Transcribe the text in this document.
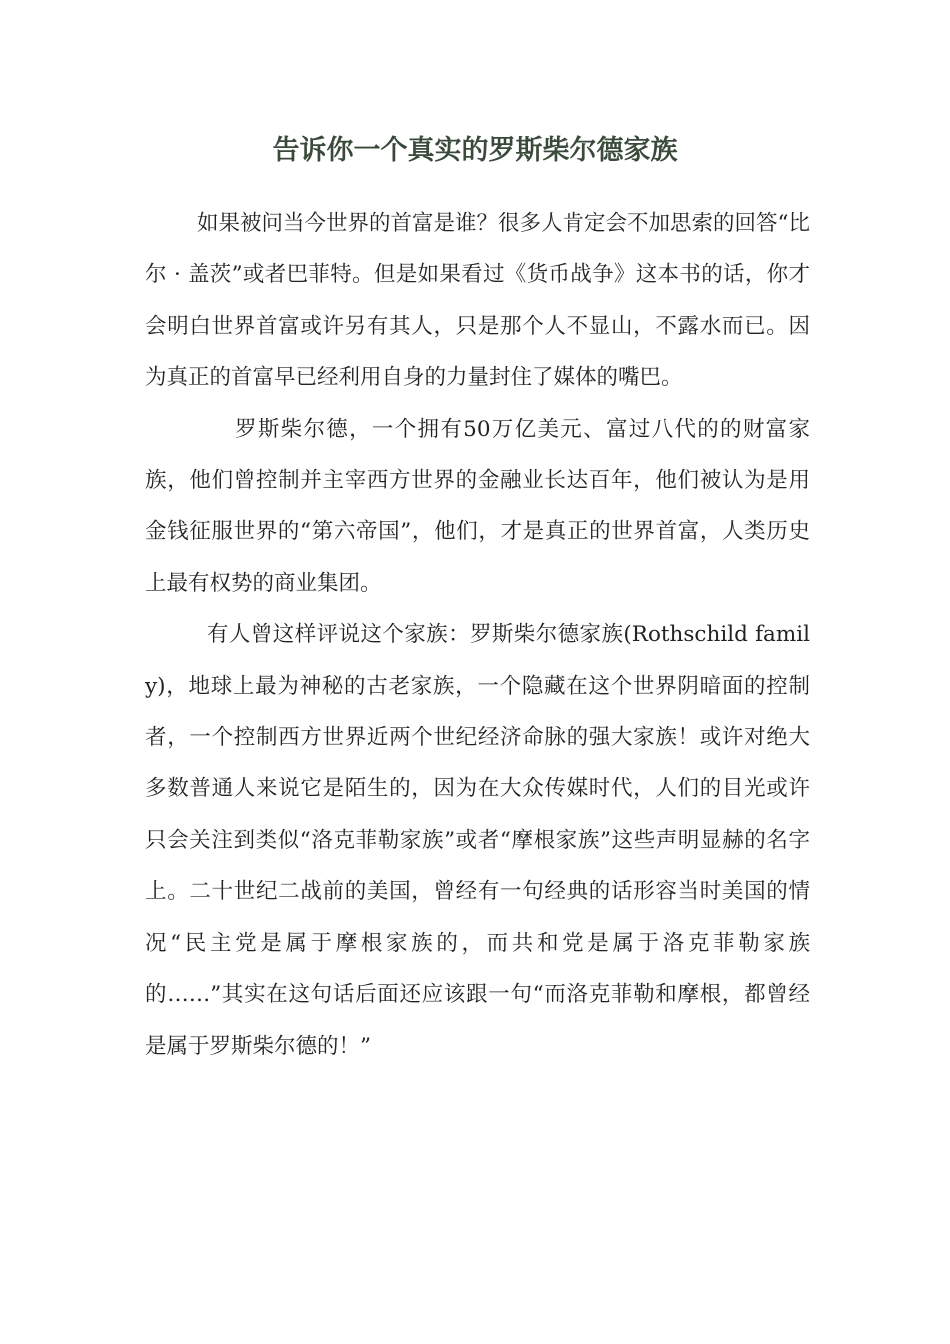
告诉你一个真实的罗斯柴尔德家族

如果被问当今世界的首富是谁？很多人肯定会不加思索的回答“比尔 · 盖茨”或者巴菲特。但是如果看过《货币战争》这本书的话，你才会明白世界首富或许另有其人，只是那个人不显山，不露水而已。因为真正的首富早已经利用自身的力量封住了媒体的嘴巴。

罗斯柴尔德，一个拥有50万亿美元、富过八代的的财富家族，他们曾控制并主宰西方世界的金融业长达百年，他们被认为是用金钱征服世界的“第六帝国”，他们，才是真正的世界首富，人类历史上最有权势的商业集团。

有人曾这样评说这个家族：罗斯柴尔德家族(Rothschild family)，地球上最为神秘的古老家族，一个隐藏在这个世界阴暗面的控制者，一个控制西方世界近两个世纪经济命脉的强大家族！或许对绝大多数普通人来说它是陌生的，因为在大众传媒时代，人们的目光或许只会关注到类似“洛克菲勒家族”或者“摩根家族”这些声明显赫的名字上。二十世纪二战前的美国，曾经有一句经典的话形容当时美国的情况“民主党是属于摩根家族的，而共和党是属于洛克菲勒家族的……”其实在这句话后面还应该跟一句“而洛克菲勒和摩根，都曾经是属于罗斯柴尔德的！”
